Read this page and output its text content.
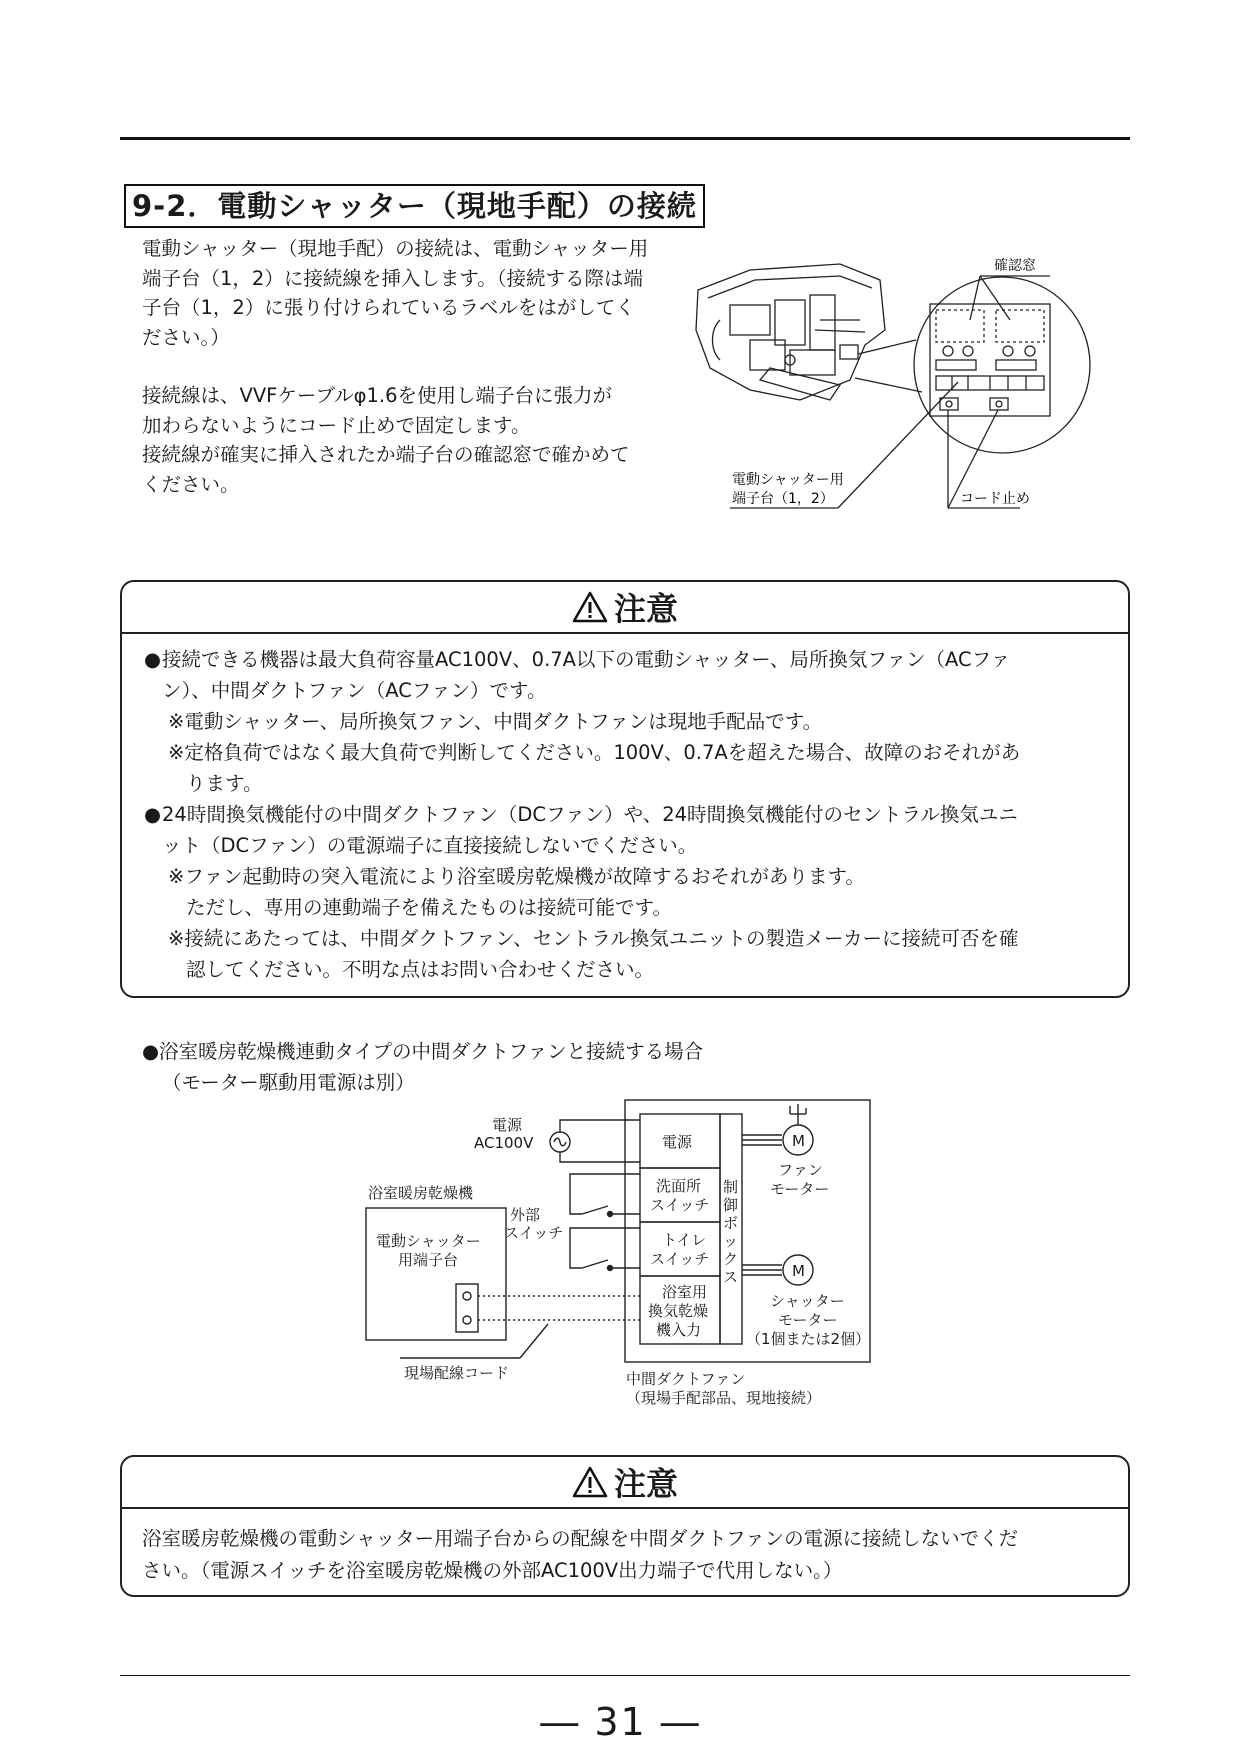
9-2．電動シャッター（現地手配）の接続

電動シャッター（現地手配）の接続は、電動シャッター用

端子台（1，2）に接続線を挿入します。（接続する際は端

子台（1，2）に張り付けられているラベルをはがしてく

ださい。）

接続線は、VVFケーブルφ1.6を使用し端子台に張力が

加わらないようにコード止めで固定します。

接続線が確実に挿入されたか端子台の確認窓で確かめて

ください。

確認窓
電動シャッター用
端子台（1，2）	コード止め
注意
● 接続できる機器は最大負荷容量AC100V、0.7A以下の電動シャッター、局所換気ファン（ACファ
ン）、中間ダクトファン（ACファン）です。
※電動シャッター、局所換気ファン、中間ダクトファンは現地手配品です。
※定格負荷ではなく最大負荷で判断してください。100V、0.7Aを超えた場合、故障のおそれがあ
ります。
● 24時間換気機能付の中間ダクトファン（DCファン）や、24時間換気機能付のセントラル換気ユニ
ット（DCファン）の電源端子に直接接続しないでください。
※ファン起動時の突入電流により浴室暖房乾燥機が故障するおそれがあります。
ただし、専用の連動端子を備えたものは接続可能です。
※接続にあたっては、中間ダクトファン、セントラル換気ユニットの製造メーカーに接続可否を確
認してください。不明な点はお問い合わせください。
●浴室暖房乾燥機連動タイプの中間ダクトファンと接続する場合
（モーター駆動用電源は別）
電源
AC100V
浴室暖房乾燥機
電動シャッター
用端子台
外部
スイッチ
現場配線コード
電源
洗面所
スイッチ
トイレ
スイッチ
浴室用
換気乾燥
機入力
制
御
ボ
ッ
ク
ス
M
M
ファン
モーター
シャッター
モーター
（1個または2個）
中間ダクトファン
（現場手配部品、現地接続）
注意
浴室暖房乾燥機の電動シャッター用端子台からの配線を中間ダクトファンの電源に接続しないでくだ
さい。（電源スイッチを浴室暖房乾燥機の外部AC100V出力端子で代用しない。）
― 31 ―
